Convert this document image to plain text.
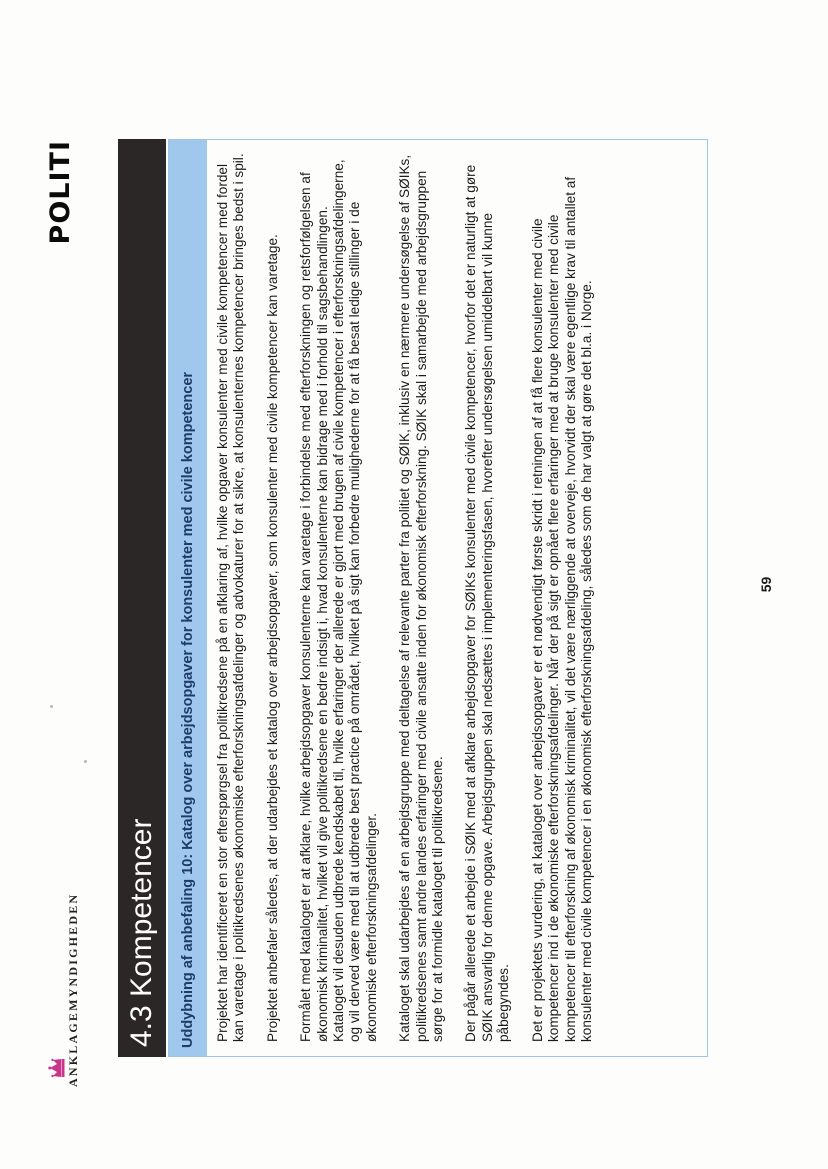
ANKLAGEMYNDIGHEDEN
POLITI
4.3 Kompetencer	Uddybning af anbefaling 10: Katalog over arbejdsopgaver for konsulenter med civile kompetencer	Projektet har identificeret en stor efterspørgsel fra politikredsene på en afklaring af, hvilke opgaver konsulenter med civile kompetencer med fordel kan varetage i politikredsenes økonomiske efterforskningsafdelinger og advokaturer for at sikre, at konsulenternes kompetencer bringes bedst i spil. Projektet anbefaler således, at der udarbejdes et katalog over arbejdsopgaver, som konsulenter med civile kompetencer kan varetage. Formålet med kataloget er at afklare, hvilke arbejdsopgaver konsulenterne kan varetage i forbindelse med efterforskningen og retsforfølgelsen af økonomisk kriminalitet, hvilket vil give politikredsene en bedre indsigt i, hvad konsulenterne kan bidrage med i forhold til sagsbehandlingen. Kataloget vil desuden udbrede kendskabet til, hvilke erfaringer der allerede er gjort med brugen af civile kompetencer i efterforskningsafdelingerne, og vil derved være med til at udbrede best practice på området, hvilket på sigt kan forbedre mulighederne for at få besat ledige stillinger i de økonomiske efterforskningsafdelinger. Kataloget skal udarbejdes af en arbejdsgruppe med deltagelse af relevante parter fra politiet og SØIK, inklusiv en nærmere undersøgelse af SØIKs, politikredsenes samt andre landes erfaringer med civile ansatte inden for økonomisk efterforskning. SØIK skal i samarbejde med arbejdsgruppen sørge for at formidle kataloget til politikredsene. Der pågår allerede et arbejde i SØIK med at afklare arbejdsopgaver for SØIKs konsulenter med civile kompetencer, hvorfor det er naturligt at gøre SØIK ansvarlig for denne opgave. Arbejdsgruppen skal nedsættes i implementeringsfasen, hvorefter undersøgelsen umiddelbart vil kunne påbegyndes. Det er projektets vurdering, at kataloget over arbejdsopgaver er et nødvendigt første skridt i retningen af at få flere konsulenter med civile kompetencer ind i de økonomiske efterforskningsafdelinger. Når der på sigt er opnået flere erfaringer med at bruge konsulenter med civile kompetencer til efterforskning af økonomisk kriminalitet, vil det være nærliggende at overveje, hvorvidt der skal være egentlige krav til antallet af konsulenter med civile kompetencer i en økonomisk efterforskningsafdeling, således som de har valgt at gøre det bl.a. i Norge.	59
